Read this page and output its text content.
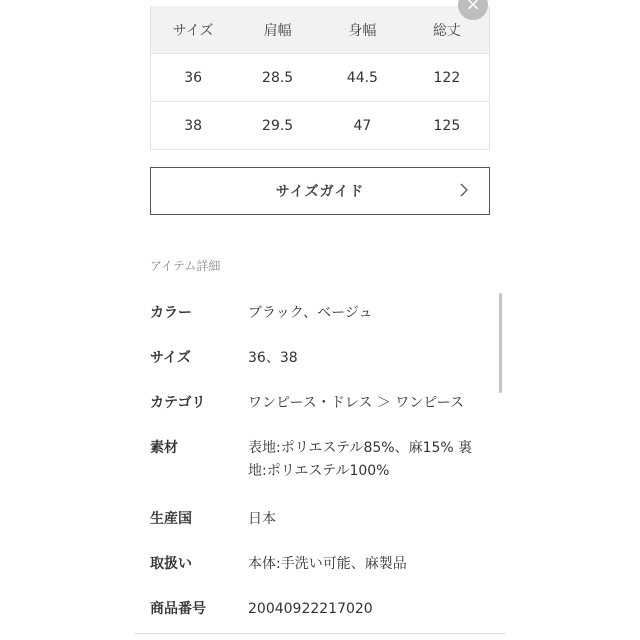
サイズ	肩幅	身幅	総丈
36	28.5	44.5	122
38	29.5	47	125
×
サイズガイド
アイテム詳細
カラー	ブラック、ベージュ
サイズ	36、38
カテゴリ	ワンピース・ドレス ＞ ワンピース
素材	表地:ポリエステル85%、麻15% 裏地:ポリエステル100%
生産国	日本
取扱い	本体:手洗い可能、麻製品
商品番号	20040922217020
